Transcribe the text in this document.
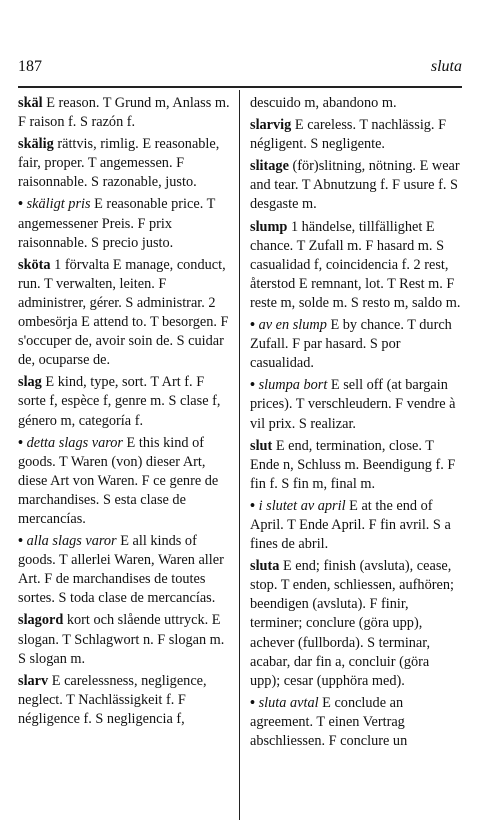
187	sluta
skäl E reason. T Grund m, Anlass m. F raison f. S razón f.
skälig rättvis, rimlig. E reasonable, fair, proper. T angemessen. F raisonnable. S razonable, justo.
• skäligt pris E reasonable price. T angemessener Preis. F prix raisonnable. S precio justo.
sköta 1 förvalta E manage, conduct, run. T verwalten, leiten. F administrer, gérer. S administrar. 2 ombesörja E attend to. T besorgen. F s'occuper de, avoir soin de. S cuidar de, ocuparse de.
slag E kind, type, sort. T Art f. F sorte f, espèce f, genre m. S clase f, género m, categoría f.
• detta slags varor E this kind of goods. T Waren (von) dieser Art, diese Art von Waren. F ce genre de marchandises. S esta clase de mercancías.
• alla slags varor E all kinds of goods. T allerlei Waren, Waren aller Art. F de marchandises de toutes sortes. S toda clase de mercancías.
slagord kort och slående uttryck. E slogan. T Schlagwort n. F slogan m. S slogan m.
slarv E carelessness, negligence, neglect. T Nachlässigkeit f. F négligence f. S negligencia f,
descuido m, abandono m.
slarvig E careless. T nachlässig. F négligent. S negligente.
slitage (för)slitning, nötning. E wear and tear. T Abnutzung f. F usure f. S desgaste m.
slump 1 händelse, tillfällighet E chance. T Zufall m. F hasard m. S casualidad f, coincidencia f. 2 rest, återstod E remnant, lot. T Rest m. F reste m, solde m. S resto m, saldo m.
• av en slump E by chance. T durch Zufall. F par hasard. S por casualidad.
• slumpa bort E sell off (at bargain prices). T verschleudern. F vendre à vil prix. S realizar.
slut E end, termination, close. T Ende n, Schluss m. Beendigung f. F fin f. S fin m, final m.
• i slutet av april E at the end of April. T Ende April. F fin avril. S a fines de abril.
sluta E end; finish (avsluta), cease, stop. T enden, schliessen, aufhören; beendigen (avsluta). F finir, terminer; conclure (göra upp), achever (fullborda). S terminar, acabar, dar fin a, concluir (göra upp); cesar (upphöra med).
• sluta avtal E conclude an agreement. T einen Vertrag abschliessen. F conclure un
